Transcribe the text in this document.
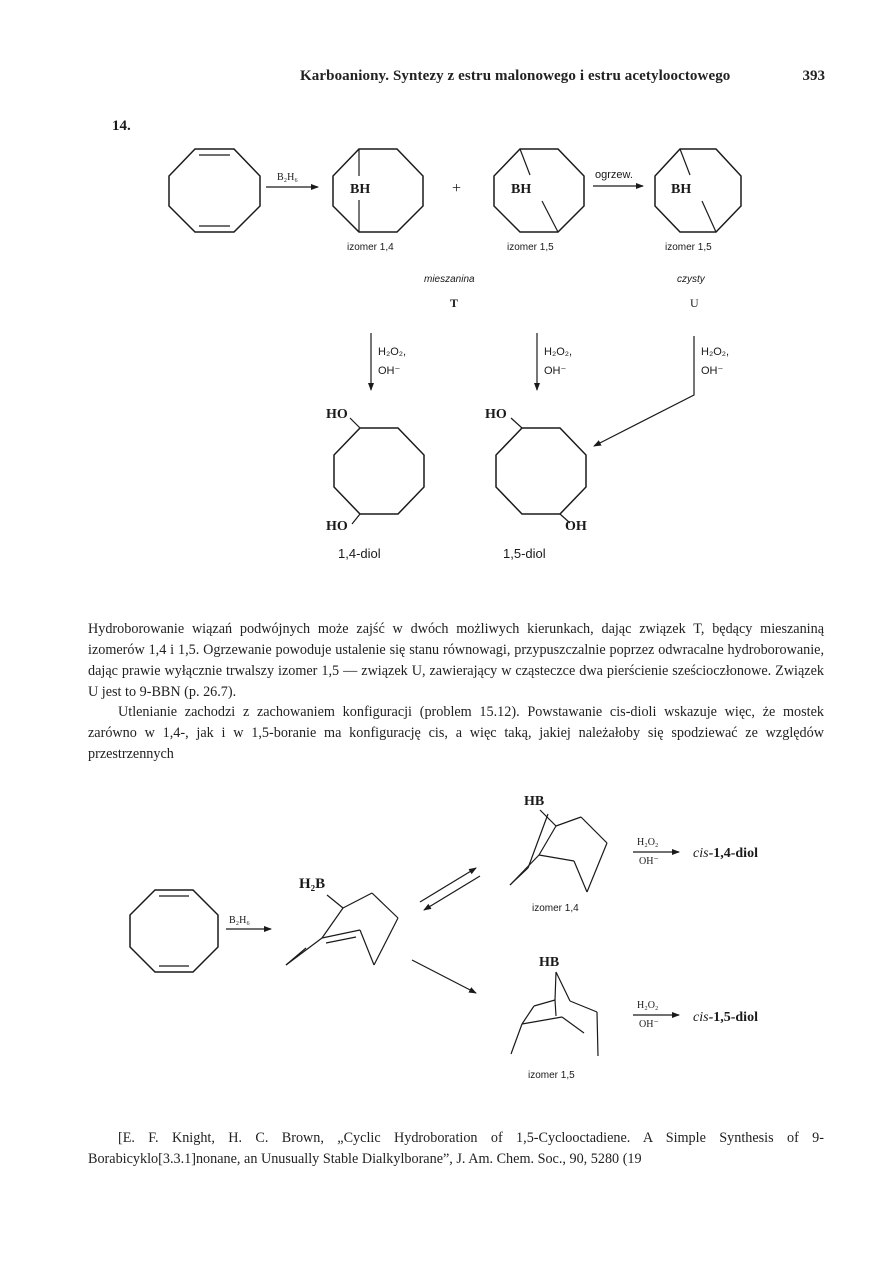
Karboaniony. Syntezy z estru malonowego i estru acetylooctowego	393
14.
B₂H₆
BH
izomer 1,4
+	BH
izomer 1,5
ogrzew.
BH
izomer 1,5
mieszanina
T
czysty
U
H₂O₂,
OH⁻
H₂O₂,
OH⁻
H₂O₂,
OH⁻
HO
HO
1,4-diol
HO
OH
1,5-diol
B₂H₆
H₂B
HB
izomer 1,4
H₂O₂
OH⁻
cis-1,4-diol
HB
izomer 1,5
H₂O₂
OH⁻ cis-1,5-diol

Hydroborowanie wiązań podwójnych może zajść w dwóch możliwych kierunkach, dając związek T, będący mieszaniną izomerów 1,4 i 1,5. Ogrzewanie powoduje ustalenie się stanu równowagi, przypuszczalnie poprzez odwracalne hydroborowanie, dając prawie wyłącznie trwalszy izomer 1,5 — związek U, zawierający w cząsteczce dwa pierścienie sześcioczłonowe. Związek U jest to 9-BBN (p. 26.7).

Utlenianie zachodzi z zachowaniem konfiguracji (problem 15.12). Powstawanie cis-dioli wskazuje więc, że mostek zarówno w 1,4-, jak i w 1,5-boranie ma konfigurację cis, a więc taką, jakiej należałoby się spodziewać ze względów przestrzennych

[E. F. Knight, H. C. Brown, „Cyclic Hydroboration of 1,5-Cyclooctadiene. A Simple Synthesis of 9-Borabicyklo[3.3.1]nonane, an Unusually Stable Dialkylborane”, J. Am. Chem. Soc., 90, 5280 (19
